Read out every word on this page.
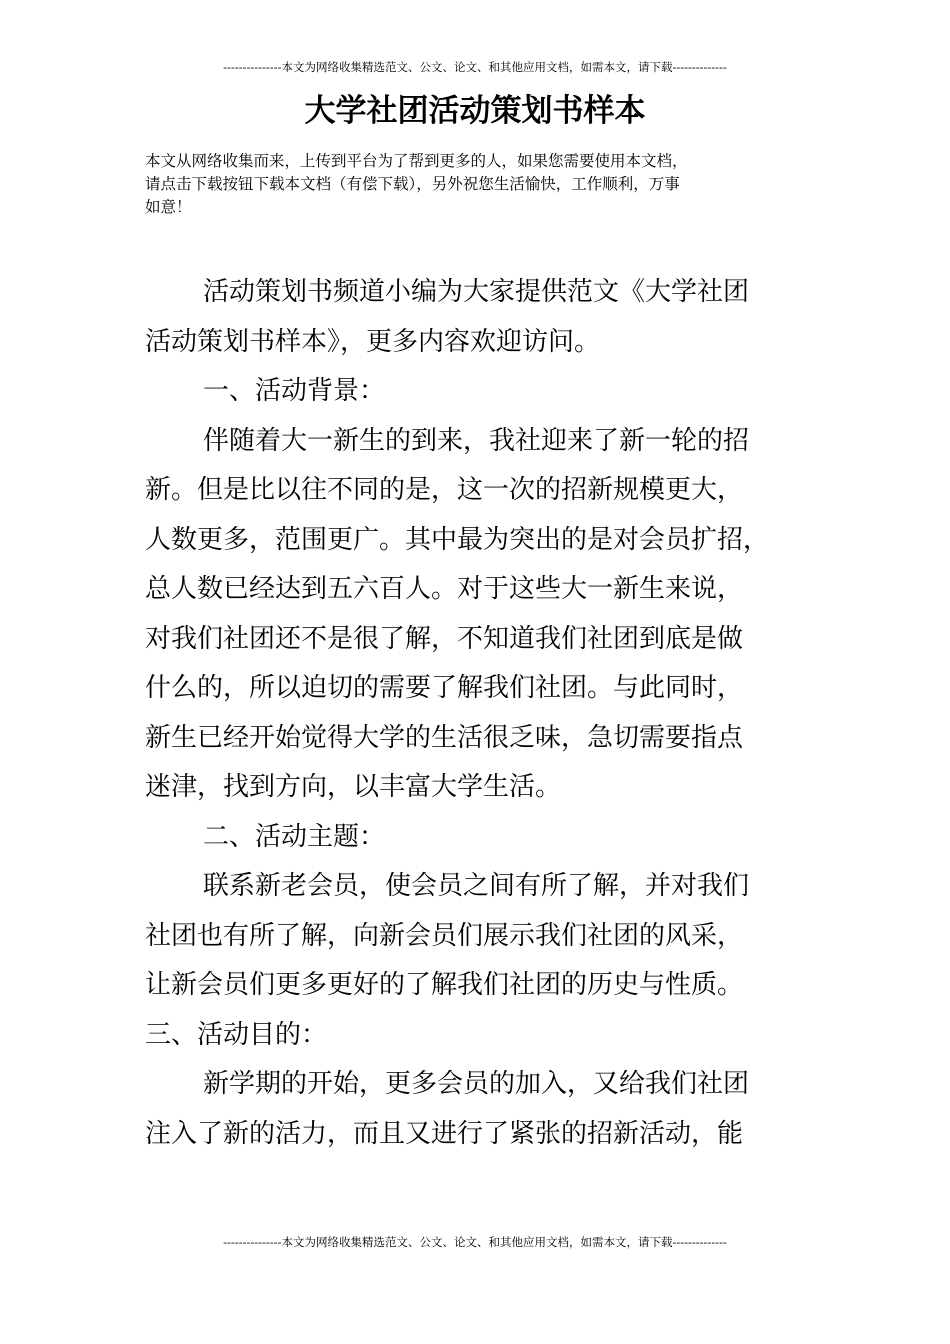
---------------本文为网络收集精选范文、公文、论文、和其他应用文档，如需本文，请下载--------------
大学社团活动策划书样本
本文从网络收集而来，上传到平台为了帮到更多的人，如果您需要使用本文档，
请点击下载按钮下载本文档（有偿下载），另外祝您生活愉快，工作顺利，万事
如意！
活动策划书频道小编为大家提供范文《大学社团
活动策划书样本》，更多内容欢迎访问。
一、活动背景：
伴随着大一新生的到来，我社迎来了新一轮的招
新。但是比以往不同的是，这一次的招新规模更大，
人数更多，范围更广。其中最为突出的是对会员扩招，
总人数已经达到五六百人。对于这些大一新生来说，
对我们社团还不是很了解，不知道我们社团到底是做
什么的，所以迫切的需要了解我们社团。与此同时，
新生已经开始觉得大学的生活很乏味，急切需要指点
迷津，找到方向，以丰富大学生活。
二、活动主题：
联系新老会员，使会员之间有所了解，并对我们
社团也有所了解，向新会员们展示我们社团的风采，
让新会员们更多更好的了解我们社团的历史与性质。
三、活动目的：
新学期的开始，更多会员的加入，又给我们社团
注入了新的活力，而且又进行了紧张的招新活动，能
---------------本文为网络收集精选范文、公文、论文、和其他应用文档，如需本文，请下载--------------
